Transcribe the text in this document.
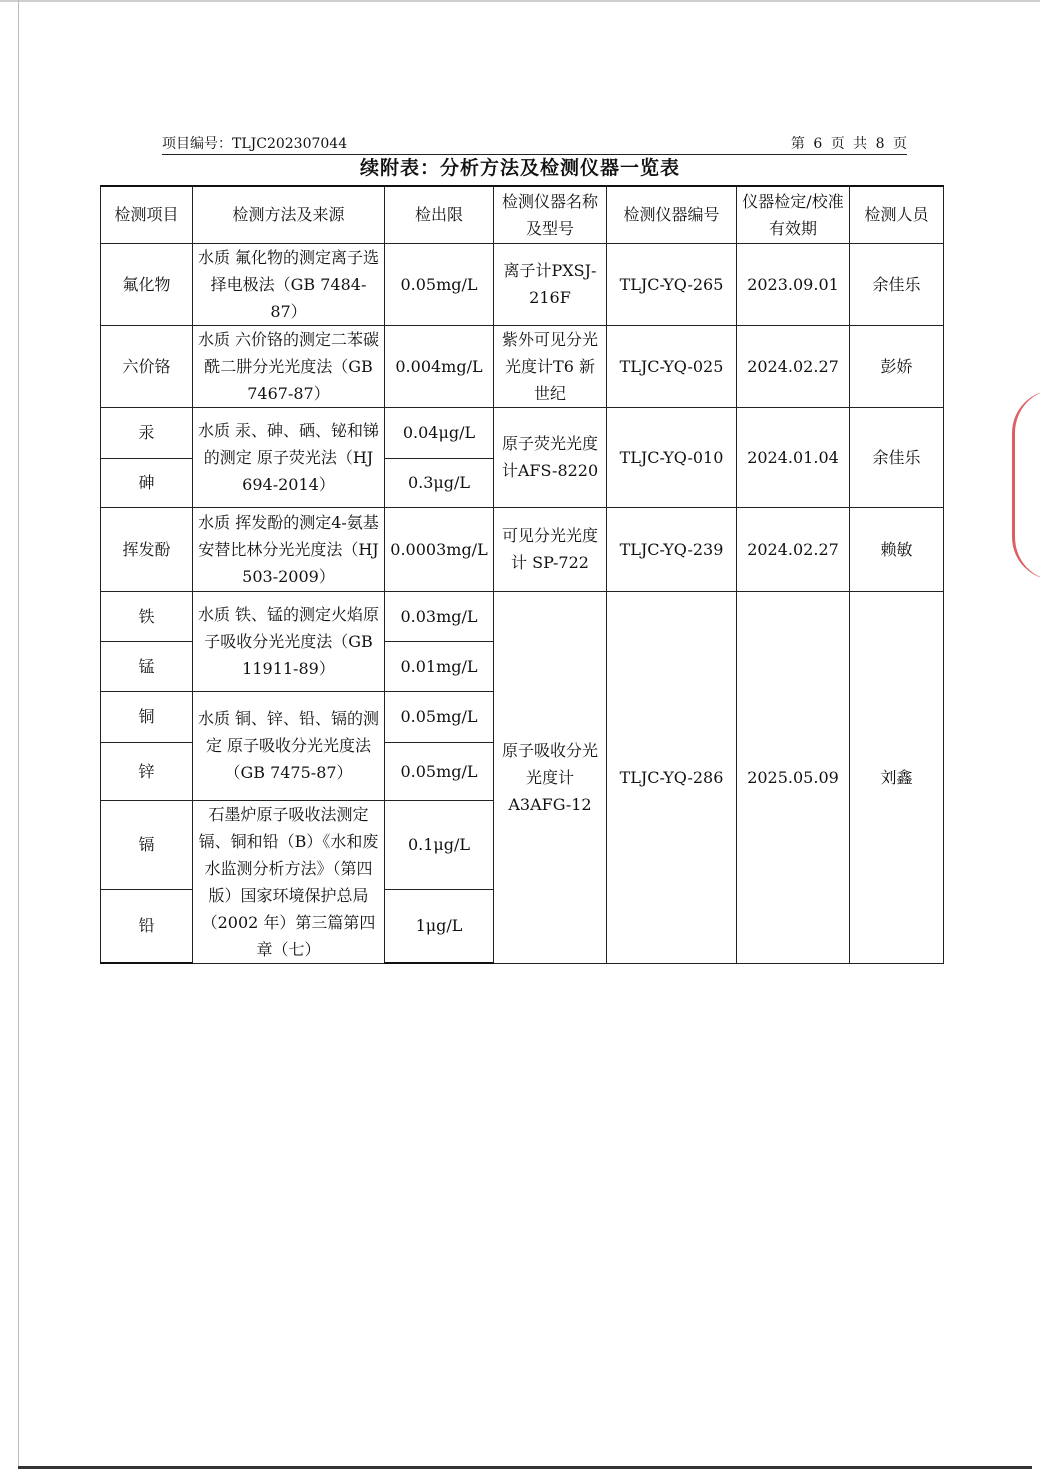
项目编号：TLJC202307044	第 6 页 共 8 页
续附表：分析方法及检测仪器一览表
检测项目	检测方法及来源	检出限	检测仪器名称及型号	检测仪器编号	仪器检定/校准有效期	检测人员
氟化物	水质 氟化物的测定离子选择电极法（GB 7484-87）	0.05mg/L	离子计PXSJ-216F	TLJC-YQ-265	2023.09.01	余佳乐
六价铬	水质 六价铬的测定二苯碳酰二肼分光光度法（GB 7467-87）	0.004mg/L	紫外可见分光光度计T6 新世纪	TLJC-YQ-025	2024.02.27	彭娇
汞	水质 汞、砷、硒、铋和锑的测定 原子荧光法（HJ 694-2014）	0.04μg/L	原子荧光光度计AFS-8220	TLJC-YQ-010	2024.01.04	余佳乐
砷		0.3μg/L				
挥发酚	水质 挥发酚的测定4-氨基安替比林分光光度法（HJ 503-2009）	0.0003mg/L	可见分光光度计 SP-722	TLJC-YQ-239	2024.02.27	赖敏
铁	水质 铁、锰的测定火焰原子吸收分光光度法（GB 11911-89）	0.03mg/L	原子吸收分光光度计A3AFG-12	TLJC-YQ-286	2025.05.09	刘鑫
锰		0.01mg/L				
铜	水质 铜、锌、铅、镉的测定 原子吸收分光光度法（GB 7475-87）	0.05mg/L				
锌		0.05mg/L				
镉	石墨炉原子吸收法测定镉、铜和铅（B）《水和废水监测分析方法》（第四版）国家环境保护总局（2002 年）第三篇第四章（七）	0.1μg/L				
铅		1μg/L				
